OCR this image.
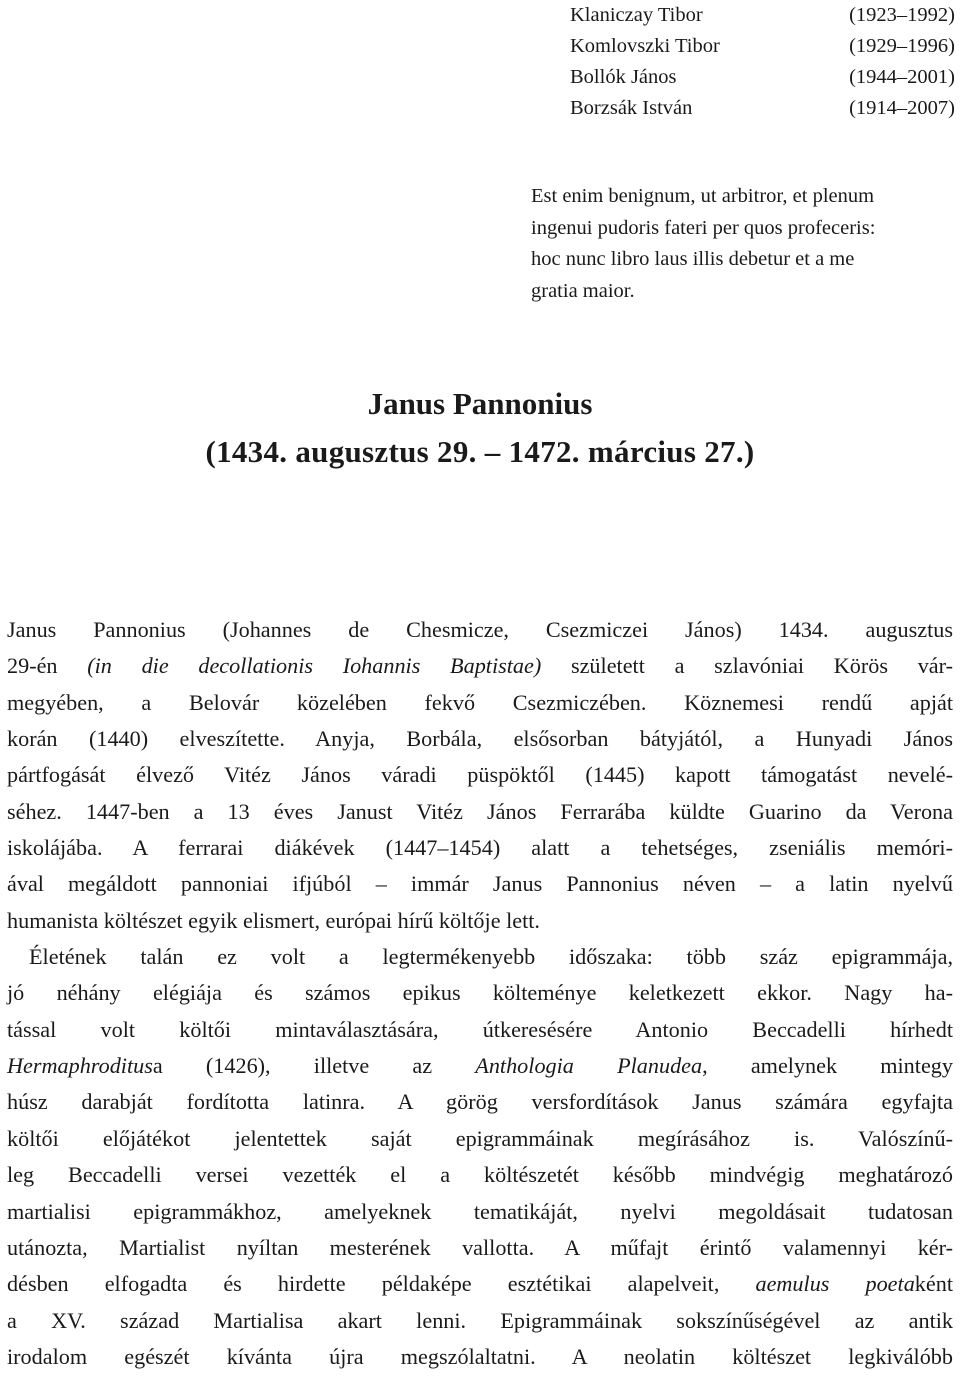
Klaniczay Tibor	(1923–1992)
Komlovszki Tibor	(1929–1996)
Bollók János	(1944–2001)
Borzsák István	(1914–2007)
Est enim benignum, ut arbitror, et plenum
ingenui pudoris fateri per quos profeceris:
hoc nunc libro laus illis debetur et a me
gratia maior.
Janus Pannonius
(1434. augusztus 29. – 1472. március 27.)
Janus Pannonius (Johannes de Chesmicze, Csezmiczei János) 1434. augusztus
29-én (in die decollationis Iohannis Baptistae) született a szlavóniai Körös vár-
megyében, a Belovár közelében fekvő Csezmiczében. Köznemesi rendű apját
korán (1440) elveszítette. Anyja, Borbála, elsősorban bátyjától, a Hunyadi János
pártfogását élvező Vitéz János váradi püspöktől (1445) kapott támogatást nevelé-
séhez. 1447-ben a 13 éves Janust Vitéz János Ferrarába küldte Guarino da Verona
iskolájába. A ferrarai diákévek (1447–1454) alatt a tehetséges, zseniális memóri-
ával megáldott pannoniai ifjúból – immár Janus Pannonius néven – a latin nyelvű
humanista költészet egyik elismert, európai hírű költője lett.
Életének talán ez volt a legtermékenyebb időszaka: több száz epigrammája,
jó néhány elégiája és számos epikus költeménye keletkezett ekkor. Nagy ha-
tással volt költői mintaválasztására, útkeresésére Antonio Beccadelli hírhedt
Hermaphroditusa (1426), illetve az Anthologia Planudea, amelynek mintegy
húsz darabját fordította latinra. A görög versfordítások Janus számára egyfajta
költői előjátékot jelentettek saját epigrammáinak megírásához is. Valószínű-
leg Beccadelli versei vezették el a költészetét később mindvégig meghatározó
martialisi epigrammákhoz, amelyeknek tematikáját, nyelvi megoldásait tudatosan
utánozta, Martialist nyíltan mesterének vallotta. A műfajt érintő valamennyi kér-
désben elfogadta és hirdette példaképe esztétikai alapelveit, aemulus poetaként
a XV. század Martialisa akart lenni. Epigrammáinak sokszínűségével az antik
irodalom egészét kívánta újra megszólaltatni. A neolatin költészet legkiválóbb
